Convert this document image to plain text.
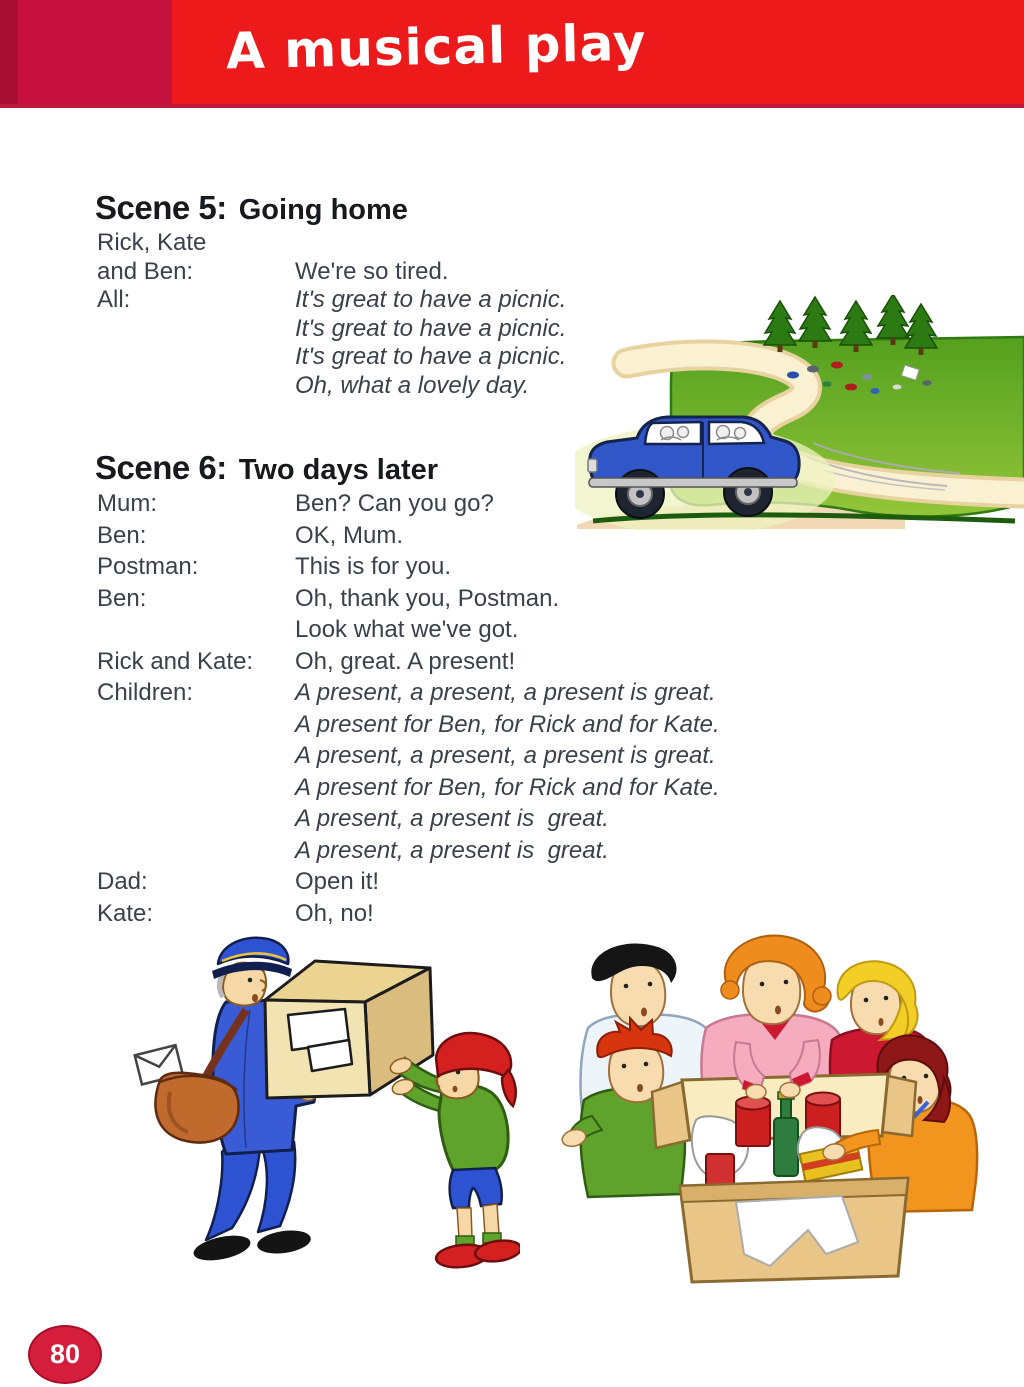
A musical play
Scene 5: Going home
Rick, Kate
and Ben:	We're so tired.
All:	It's great to have a picnic.
It's great to have a picnic.
It's great to have a picnic.
Oh, what a lovely day.
Scene 6: Two days later
Mum:	Ben? Can you go?
Ben:	OK, Mum.
Postman:	This is for you.
Ben:	Oh, thank you, Postman.
Look what we've got.
Rick and Kate:	Oh, great. A present!
Children:	A present, a present, a present is great.
A present for Ben, for Rick and for Kate.
A present, a present, a present is great.
A present for Ben, for Rick and for Kate.
A present, a present is  great.
A present, a present is  great.
Dad:	Open it!
Kate:	Oh, no!
80
